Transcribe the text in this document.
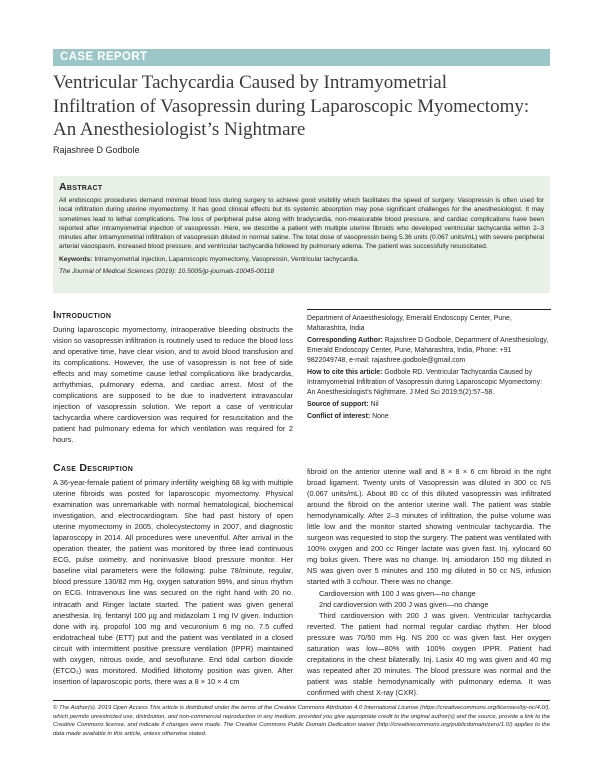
CASE REPORT
Ventricular Tachycardia Caused by Intramyometrial
Infiltration of Vasopressin during Laparoscopic Myomectomy:
An Anesthesiologist’s Nightmare
Rajashree D Godbole
Abstract

All endoscopic procedures demand minimal blood loss during surgery to achieve good visibility which facilitates the speed of surgery. Vasopressin is often used for local infiltration during uterine myomectomy. It has good clinical effects but its systemic absorption may pose significant challenges for the anesthesiologist. It may sometimes lead to lethal complications. The loss of peripheral pulse along with bradycardia, non-measurable blood pressure, and cardiac complications have been reported after intramyometrial injection of vasopressin. Here, we describe a patient with multiple uterine fibroids who developed ventricular tachycardia within 2–3 minutes after intramyometrial infiltration of vasopressin diluted in normal saline. The total dose of vasopressin being 5.36 units (0.067 units/mL) with severe peripheral arterial vasospasm, increased blood pressure, and ventricular tachycardia followed by pulmonary edema. The patient was successfully resuscitated.

Keywords: Intramyometrial injection, Laparoscopic myomectomy, Vasopressin, Ventricular tachycardia.

The Journal of Medical Sciences (2019): 10.5005/jp-journals-10045-00118

Introduction

During laparoscopic myomectomy, intraoperative bleeding obstructs the vision so vasopressin infiltration is routinely used to reduce the blood loss and operative time, have clear vision, and to avoid blood transfusion and its complications. However, the use of vasopressin is not free of side effects and may sometime cause lethal complications like bradycardia, arrhythmias, pulmonary edema, and cardiac arrest. Most of the complications are supposed to be due to inadvertent intravascular injection of vasopressin solution. We report a case of ventricular tachycardia where cardioversion was required for resuscitation and the patient had pulmonary edema for which ventilation was required for 2 hours.

Department of Anaesthesiology, Emerald Endoscopy Center, Pune, Maharashtra, India

Corresponding Author: Rajashree D Godbole, Department of Anesthesiology, Emerald Endoscopy Center, Pune, Maharashtra, India, Phone: +91 9822049748, e-mail: rajashree.godbole@gmail.com

How to cite this article: Godbole RD. Ventricular Tachycardia Caused by Intramyometrial Infiltration of Vasopressin during Laparoscopic Myomectomy: An Anesthesiologist’s Nightmare. J Med Sci 2019;5(2):57–58.

Source of support: Nil

Conflict of interest: None

Case Description

A 36-year-female patient of primary infertility weighing 68 kg with multiple uterine fibroids was posted for laparoscopic myomectomy. Physical examination was unremarkable with normal hematological, biochemical investigation, and electrocardiogram. She had past history of open uterine myomectomy in 2005, cholecystectomy in 2007, and diagnostic laparoscopy in 2014. All procedures were uneventful. After arrival in the operation theater, the patient was monitored by three lead continuous ECG, pulse oximetry, and noninvasive blood pressure monitor. Her baseline vital parameters were the following: pulse 78/minute, regular, blood pressure 130/82 mm Hg, oxygen saturation 99%, and sinus rhythm on ECG. Intravenous line was secured on the right hand with 20 no. intracath and Ringer lactate started. The patient was given general anesthesia. Inj. fentanyl 100 µg and midazolam 1 mg IV given. Induction done with inj. propofol 100 mg and vecuronium 6 mg no. 7.5 cuffed endotracheal tube (ETT) put and the patient was ventilated in a closed circuit with intermittent positive pressure ventilation (IPPR) maintained with oxygen, nitrous oxide, and sevoflurane. End tidal carbon dioxide (ETCO₂) was monitored. Modified lithotomy position was given. After insertion of laparoscopic ports, there was a 8 × 10 × 4 cm

fibroid on the anterior uterine wall and 8 × 8 × 6 cm fibroid in the right broad ligament. Twenty units of Vasopressin was diluted in 300 cc NS (0.067 units/mL). About 80 cc of this diluted vasopressin was infiltrated around the fibroid on the anterior uterine wall. The patient was stable hemodynamically. After 2–3 minutes of infiltration, the pulse volume was little low and the monitor started showing ventricular tachycardia. The surgeon was requested to stop the surgery. The patient was ventilated with 100% oxygen and 200 cc Ringer lactate was given fast. Inj. xylocard 60 mg bolus given. There was no change. Inj. amiodaron 150 mg diluted in NS was given over 5 minutes and 150 mg diluted in 50 cc NS, infusion started with 3 cc/hour. There was no change.

Cardioversion with 100 J was given—no change

2nd cardioversion with 200 J was given—no change

Third cardioversion with 200 J was given. Ventricular tachycardia reverted. The patient had normal regular cardiac rhythm. Her blood pressure was 70/50 mm Hg. NS 200 cc was given fast. Her oxygen saturation was low—80% with 100% oxygen IPPR. Patient had crepitations in the chest bilaterally. Inj. Lasix 40 mg was given and 40 mg was repeated after 20 minutes. The blood pressure was normal and the patient was stable hemodynamically with pulmonary edema. It was confirmed with chest X-ray (CXR).

© The Author(s). 2019 Open Access This article is distributed under the terms of the Creative Commons Attribution 4.0 International License (https://creativecommons.org/licenses/by-nc/4.0/), which permits unrestricted use, distribution, and non-commercial reproduction in any medium, provided you give appropriate credit to the original author(s) and the source, provide a link to the Creative Commons license, and indicate if changes were made. The Creative Commons Public Domain Dedication waiver (http://creativecommons.org/publicdomain/zero/1.0/) applies to the data made available in this article, unless otherwise stated.
